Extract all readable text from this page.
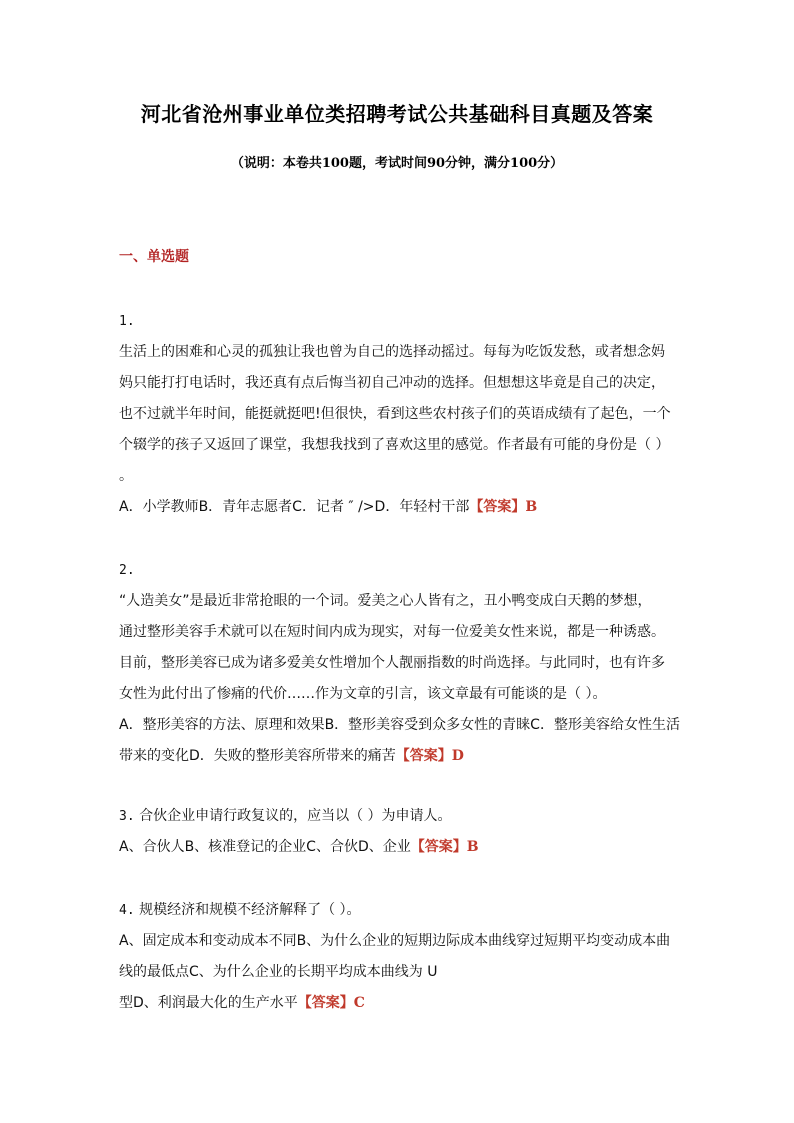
河北省沧州事业单位类招聘考试公共基础科目真题及答案
（说明：本卷共100题，考试时间90分钟，满分100分）
一、单选题
1.
生活上的困难和心灵的孤独让我也曾为自己的选择动摇过。每每为吃饭发愁，或者想念妈
妈只能打打电话时，我还真有点后悔当初自己冲动的选择。但想想这毕竟是自己的决定，
也不过就半年时间，能挺就挺吧!但很快，看到这些农村孩子们的英语成绩有了起色，一个
个辍学的孩子又返回了课堂，我想我找到了喜欢这里的感觉。作者最有可能的身份是（ ）
。
A．小学教师B．青年志愿者C．记者 ″ />D．年轻村干部【答案】B
2.
“人造美女”是最近非常抢眼的一个词。爱美之心人皆有之，丑小鸭变成白天鹅的梦想，
通过整形美容手术就可以在短时间内成为现实，对每一位爱美女性来说，都是一种诱惑。
目前，整形美容已成为诸多爱美女性增加个人靓丽指数的时尚选择。与此同时，也有许多
女性为此付出了惨痛的代价……作为文章的引言，该文章最有可能谈的是（ ）。
A．整形美容的方法、原理和效果B．整形美容受到众多女性的青睐C．整形美容给女性生活
带来的变化D．失败的整形美容所带来的痛苦【答案】D
3. 合伙企业申请行政复议的，应当以（ ）为申请人。
A、合伙人B、核准登记的企业C、合伙D、企业【答案】B
4. 规模经济和规模不经济解释了（ ）。
A、固定成本和变动成本不同B、为什么企业的短期边际成本曲线穿过短期平均变动成本曲
线的最低点C、为什么企业的长期平均成本曲线为 U
型D、利润最大化的生产水平【答案】C
